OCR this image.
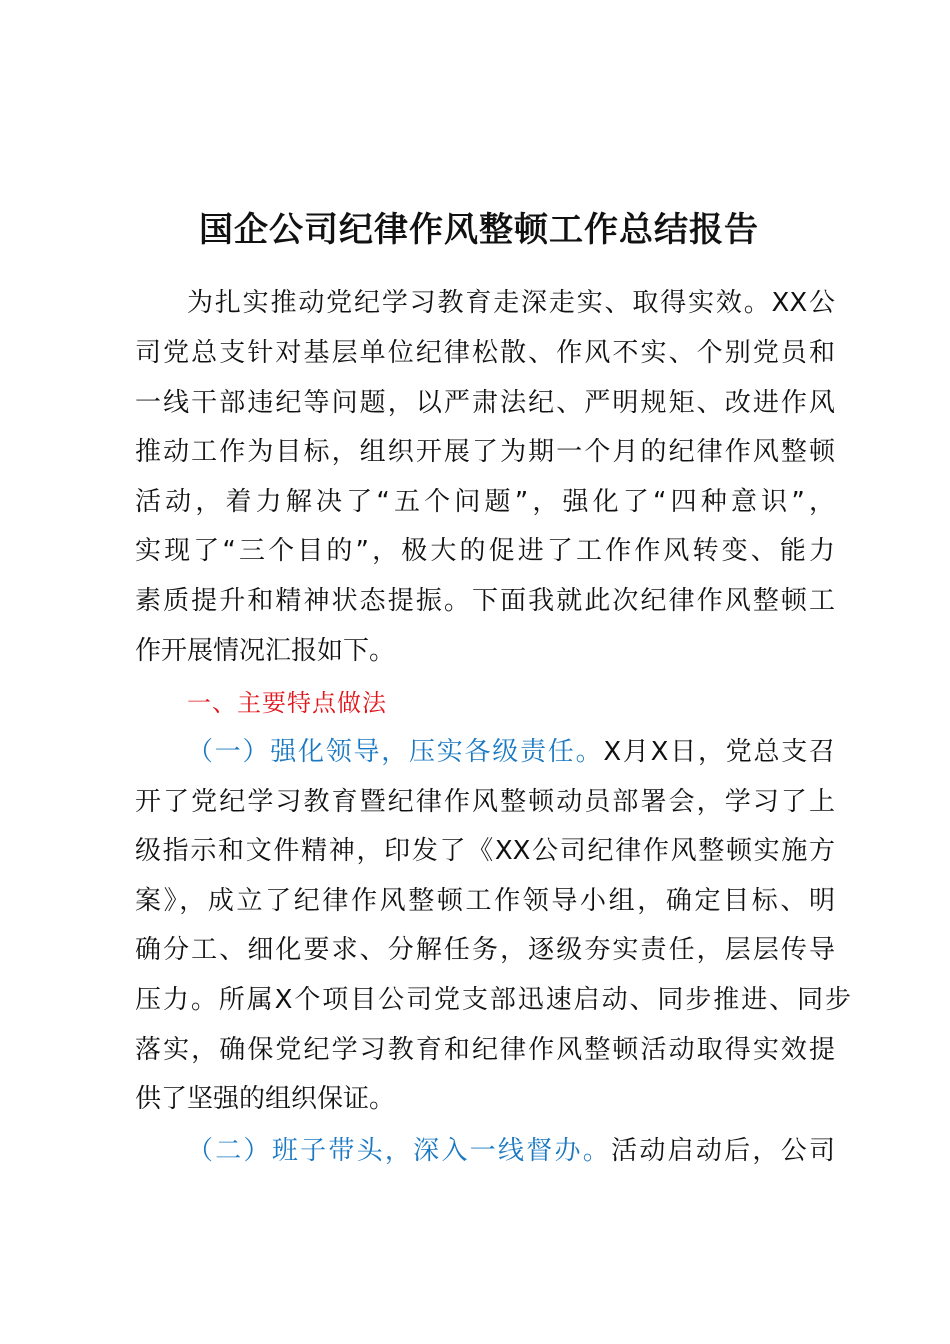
国企公司纪律作风整顿工作总结报告
为扎实推动党纪学习教育走深走实、取得实效。XX公
司党总支针对基层单位纪律松散、作风不实、个别党员和
一线干部违纪等问题，以严肃法纪、严明规矩、改进作风
推动工作为目标，组织开展了为期一个月的纪律作风整顿
活动，着力解决了“五个问题”，强化了“四种意识”，
实现了“三个目的”，极大的促进了工作作风转变、能力
素质提升和精神状态提振。下面我就此次纪律作风整顿工
作开展情况汇报如下。
一、主要特点做法
（一）强化领导，压实各级责任。X月X日，党总支召
开了党纪学习教育暨纪律作风整顿动员部署会，学习了上
级指示和文件精神，印发了《XX公司纪律作风整顿实施方
案》，成立了纪律作风整顿工作领导小组，确定目标、明
确分工、细化要求、分解任务，逐级夯实责任，层层传导
压力。所属X个项目公司党支部迅速启动、同步推进、同步
落实，确保党纪学习教育和纪律作风整顿活动取得实效提
供了坚强的组织保证。
（二）班子带头，深入一线督办。活动启动后，公司
